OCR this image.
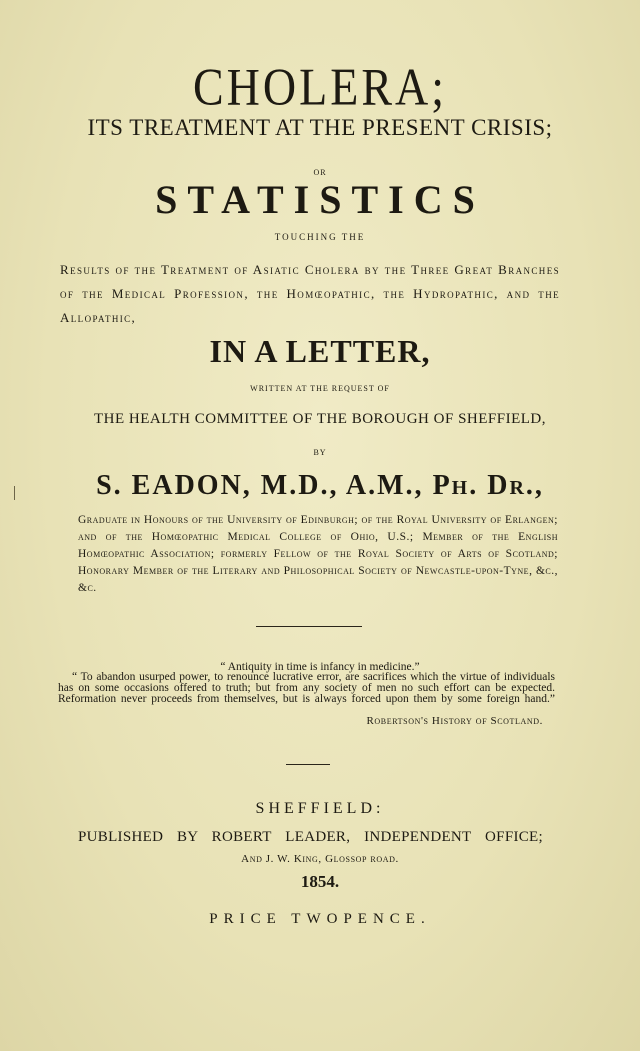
CHOLERA;
ITS TREATMENT AT THE PRESENT CRISIS;
OR
STATISTICS
TOUCHING THE
Results of the Treatment of Asiatic Cholera by the Three Great Branches of the Medical Profession, the Homœopathic, the Hydropathic, and the Allopathic,
IN A LETTER,
WRITTEN AT THE REQUEST OF
THE HEALTH COMMITTEE OF THE BOROUGH OF SHEFFIELD,
BY
S. EADON, M.D., A.M., Ph. Dr.,
Graduate in Honours of the University of Edinburgh; of the Royal University of Erlangen; and of the Homœopathic Medical College of Ohio, U.S.; Member of the English Homœopathic Association; formerly Fellow of the Royal Society of Arts of Scotland; Honorary Member of the Literary and Philosophical Society of Newcastle-upon-Tyne, &c., &c.
“ Antiquity in time is infancy in medicine.”
“ To abandon usurped power, to renounce lucrative error, are sacrifices which the virtue of individuals has on some occasions offered to truth; but from any society of men no such effort can be expected. Reformation never proceeds from themselves, but is always forced upon them by some foreign hand.”
Robertson's History of Scotland.
SHEFFIELD:
PUBLISHED BY ROBERT LEADER, INDEPENDENT OFFICE;
And J. W. King, Glossop road.
1854.
PRICE TWOPENCE.
